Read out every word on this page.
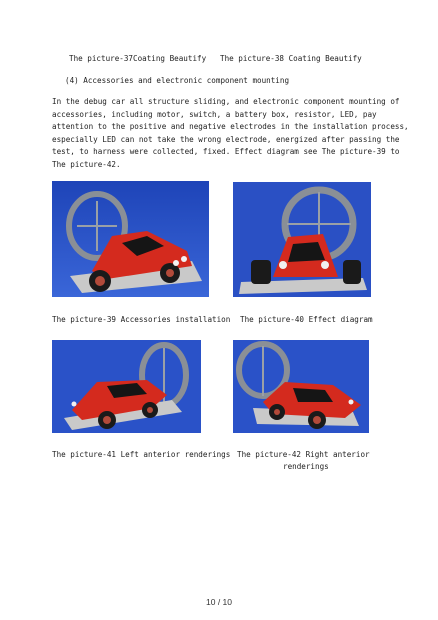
The picture-37Coating Beautify The picture-38 Coating Beautify
(4) Accessories and electronic component mounting
In the debug car all structure sliding, and electronic component mounting of
accessories, including motor, switch, a battery box, resistor, LED, pay
attention to the positive and negative electrodes in the installation process,
especially LED can not take the wrong electrode, energized after passing the
test, to harness were collected, fixed. Effect diagram see The picture-39 to
The picture-42.
The picture-39 Accessories installation The picture-40 Effect diagram
The picture-41 Left anterior renderings The picture-42 Right anterior
renderings
10 / 10
